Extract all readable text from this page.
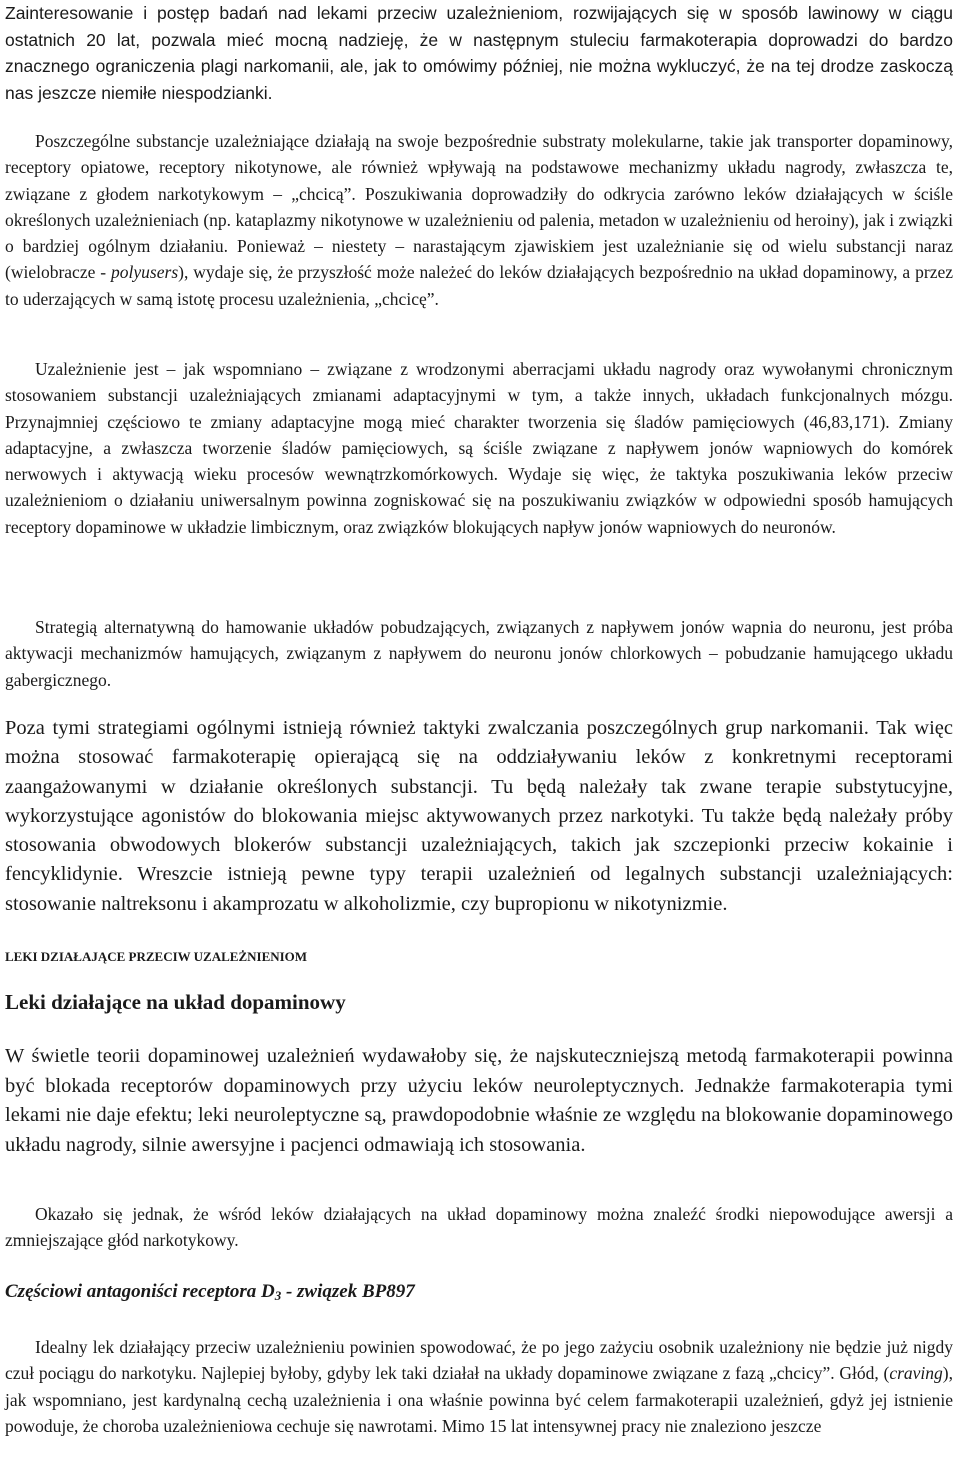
Zainteresowanie i postęp badań nad lekami przeciw uzależnieniom, rozwijających się w sposób lawinowy w ciągu ostatnich 20 lat, pozwala mieć mocną nadzieję, że w następnym stuleciu farmakoterapia doprowadzi do bardzo znacznego ograniczenia plagi narkomanii, ale, jak to omówimy później, nie można wykluczyć, że na tej drodze zaskoczą nas jeszcze niemiłe niespodzianki.

Poszczególne substancje uzależniające działają na swoje bezpośrednie substraty molekularne, takie jak transporter dopaminowy, receptory opiatowe, receptory nikotynowe, ale również wpływają na podstawowe mechanizmy układu nagrody, zwłaszcza te, związane z głodem narkotykowym – „chcicą”. Poszukiwania doprowadziły do odkrycia zarówno leków działających w ściśle określonych uzależnieniach (np. kataplazmy nikotynowe w uzależnieniu od palenia, metadon w uzależnieniu od heroiny), jak i związki o bardziej ogólnym działaniu. Ponieważ – niestety – narastającym zjawiskiem jest uzależnianie się od wielu substancji naraz (wielobracze - polyusers), wydaje się, że przyszłość może należeć do leków działających bezpośrednio na układ dopaminowy, a przez to uderzających w samą istotę procesu uzależnienia, „chcicę”.

Uzależnienie jest – jak wspomniano – związane z wrodzonymi aberracjami układu nagrody oraz wywołanymi chronicznym stosowaniem substancji uzależniających zmianami adaptacyjnymi w tym, a także innych, układach funkcjonalnych mózgu. Przynajmniej częściowo te zmiany adaptacyjne mogą mieć charakter tworzenia się śladów pamięciowych (46,83,171). Zmiany adaptacyjne, a zwłaszcza tworzenie śladów pamięciowych, są ściśle związane z napływem jonów wapniowych do komórek nerwowych i aktywacją wieku procesów wewnątrzkomórkowych. Wydaje się więc, że taktyka poszukiwania leków przeciw uzależnieniom o działaniu uniwersalnym powinna zogniskować się na poszukiwaniu związków w odpowiedni sposób hamujących receptory dopaminowe w układzie limbicznym, oraz związków blokujących napływ jonów wapniowych do neuronów.

Strategią alternatywną do hamowanie układów pobudzających, związanych z napływem jonów wapnia do neuronu, jest próba aktywacji mechanizmów hamujących, związanym z napływem do neuronu jonów chlorkowych – pobudzanie hamującego układu gabergicznego.

Poza tymi strategiami ogólnymi istnieją również taktyki zwalczania poszczególnych grup narkomanii. Tak więc można stosować farmakoterapię opierającą się na oddziaływaniu leków z konkretnymi receptorami zaangażowanymi w działanie określonych substancji. Tu będą należały tak zwane terapie substytucyjne, wykorzystujące agonistów do blokowania miejsc aktywowanych przez narkotyki. Tu także będą należały próby stosowania obwodowych blokerów substancji uzależniających, takich jak szczepionki przeciw kokainie i fencyklidynie. Wreszcie istnieją pewne typy terapii uzależnień od legalnych substancji uzależniających: stosowanie naltreksonu i akamprozatu w alkoholizmie, czy bupropionu w nikotynizmie.

LEKI DZIAŁAJĄCE PRZECIW UZALEŻNIENIOM
Leki działające na układ dopaminowy

W świetle teorii dopaminowej uzależnień wydawałoby się, że najskuteczniejszą metodą farmakoterapii powinna być blokada receptorów dopaminowych przy użyciu leków neuroleptycznych. Jednakże farmakoterapia tymi lekami nie daje efektu; leki neuroleptyczne są, prawdopodobnie właśnie ze względu na blokowanie dopaminowego układu nagrody, silnie awersyjne i pacjenci odmawiają ich stosowania.

Okazało się jednak, że wśród leków działających na układ dopaminowy można znaleźć środki niepowodujące awersji a zmniejszające głód narkotykowy.

Częściowi antagoniści receptora $D_3$ - związek BP897

Idealny lek działający przeciw uzależnieniu powinien spowodować, że po jego zażyciu osobnik uzależniony nie będzie już nigdy czuł pociągu do narkotyku. Najlepiej byłoby, gdyby lek taki działał na układy dopaminowe związane z fazą „chcicy”. Głód, (craving), jak wspomniano, jest kardynalną cechą uzależnienia i ona właśnie powinna być celem farmakoterapii uzależnień, gdyż jej istnienie powoduje, że choroba uzależnieniowa cechuje się nawrotami. Mimo 15 lat intensywnej pracy nie znaleziono jeszcze
